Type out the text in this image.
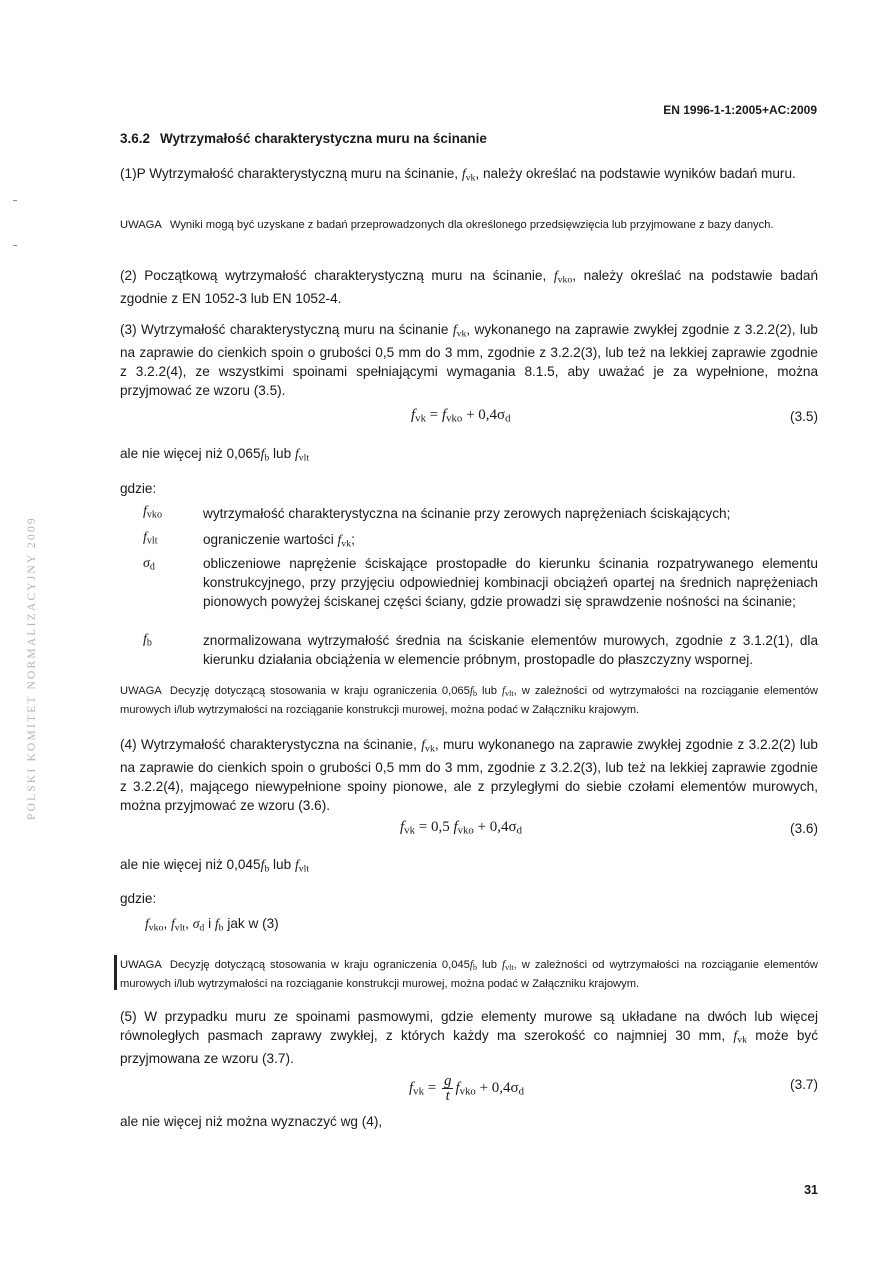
EN 1996-1-1:2005+AC:2009
3.6.2 Wytrzymałość charakterystyczna muru na ścinanie
(1)P Wytrzymałość charakterystyczną muru na ścinanie, $f_{vk}$, należy określać na podstawie wyników badań muru.
UWAGA Wyniki mogą być uzyskane z badań przeprowadzonych dla określonego przedsięwzięcia lub przyjmowane z bazy danych.
(2) Początkową wytrzymałość charakterystyczną muru na ścinanie, $f_{vko}$, należy określać na podstawie badań zgodnie z EN 1052-3 lub EN 1052-4.
(3) Wytrzymałość charakterystyczną muru na ścinanie $f_{vk}$, wykonanego na zaprawie zwykłej zgodnie z 3.2.2(2), lub na zaprawie do cienkich spoin o grubości 0,5 mm do 3 mm, zgodnie z 3.2.2(3), lub też na lekkiej zaprawie zgodnie z 3.2.2(4), ze wszystkimi spoinami spełniającymi wymagania 8.1.5, aby uważać je za wypełnione, można przyjmować ze wzoru (3.5).
$f_{vk} = f_{vko} + 0,4\sigma_d$	(3.5)
ale nie więcej niż $0,065f_b$ lub $f_{vlt}$
gdzie:
$f_{vko}$	wytrzymałość charakterystyczna na ścinanie przy zerowych naprężeniach ściskających;
$f_{vlt}$	ograniczenie wartości $f_{vk}$;
$\sigma_d$	obliczeniowe naprężenie ściskające prostopadłe do kierunku ścinania rozpatrywanego elementu konstrukcyjnego, przy przyjęciu odpowiedniej kombinacji obciążeń opartej na średnich naprężeniach pionowych powyżej ściskanej części ściany, gdzie prowadzi się sprawdzenie nośności na ścinanie;
$f_b$	znormalizowana wytrzymałość średnia na ściskanie elementów murowych, zgodnie z 3.1.2(1), dla kierunku działania obciążenia w elemencie próbnym, prostopadle do płaszczyzny wspornej.
UWAGA Decyzję dotyczącą stosowania w kraju ograniczenia $0,065f_b$ lub $f_{vlt}$, w zależności od wytrzymałości na rozciąganie elementów murowych i/lub wytrzymałości na rozciąganie konstrukcji murowej, można podać w Załączniku krajowym.
(4) Wytrzymałość charakterystyczna na ścinanie, $f_{vk}$, muru wykonanego na zaprawie zwykłej zgodnie z 3.2.2(2) lub na zaprawie do cienkich spoin o grubości 0,5 mm do 3 mm, zgodnie z 3.2.2(3), lub też na lekkiej zaprawie zgodnie z 3.2.2(4), mającego niewypełnione spoiny pionowe, ale z przyległymi do siebie czołami elementów murowych, można przyjmować ze wzoru (3.6).
$f_{vk} = 0,5$ $f_{vko} + 0,4\sigma_d$	(3.6)
ale nie więcej niż $0,045f_b$ lub $f_{vlt}$
gdzie:
$f_{vko}$, $f_{vlt}$, $\sigma_d$ i $f_b$ jak w (3)
UWAGA Decyzję dotyczącą stosowania w kraju ograniczenia $0,045f_b$ lub $f_{vlt}$, w zależności od wytrzymałości na rozciąganie elementów murowych i/lub wytrzymałości na rozciąganie konstrukcji murowej, można podać w Załączniku krajowym.
(5) W przypadku muru ze spoinami pasmowymi, gdzie elementy murowe są układane na dwóch lub więcej równoległych pasmach zaprawy zwykłej, z których każdy ma szerokość co najmniej 30 mm, $f_{vk}$ może być przyjmowana ze wzoru (3.7).
$f_{vk} = \frac{g}{t} f_{vko} + 0,4\sigma_d$	(3.7)
ale nie więcej niż można wyznaczyć wg (4),
31
POLSKI KOMITET NORMALIZACYJNY 2009
